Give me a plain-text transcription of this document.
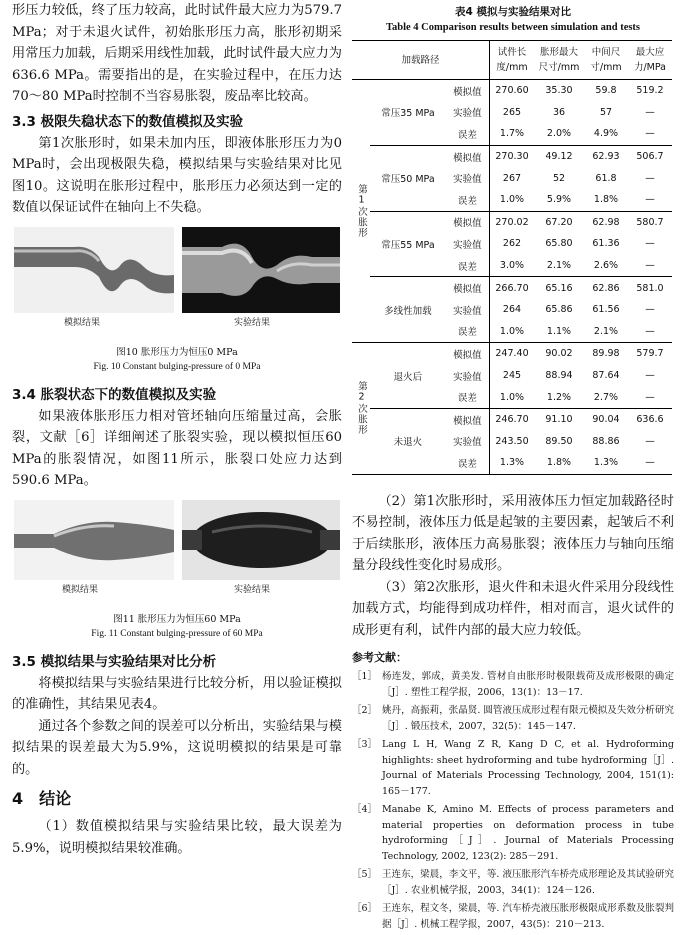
形压力较低，终了压力较高，此时试件最大应力为579.7 MPa；对于未退火试件，初始胀形压力高，胀形初期采用常压力加载，后期采用线性加载，此时试件最大应力为636.6 MPa。需要指出的是，在实验过程中，在压力达70～80 MPa时控制不当容易胀裂，废品率比较高。

3.3 极限失稳状态下的数值模拟及实验

第1次胀形时，如果未加内压，即液体胀形压力为0 MPa时，会出现极限失稳，模拟结果与实验结果对比见图10。这说明在胀形过程中，胀形压力必须达到一定的数值以保证试件在轴向上不失稳。

模拟结果	实验结果

图10 胀形压力为恒压0 MPa

Fig. 10 Constant bulging-pressure of 0 MPa

3.4 胀裂状态下的数值模拟及实验

如果液体胀形压力相对管坯轴向压缩量过高，会胀裂，文献［6］详细阐述了胀裂实验，现以模拟恒压60 MPa的胀裂情况，如图11所示，胀裂口处应力达到590.6 MPa。

模拟结果	实验结果

图11 胀形压力为恒压60 MPa

Fig. 11 Constant bulging-pressure of 60 MPa

3.5 模拟结果与实验结果对比分析

将模拟结果与实验结果进行比较分析，用以验证模拟的准确性，其结果见表4。

通过各个参数之间的误差可以分析出，实验结果与模拟结果的误差最大为5.9%，这说明模拟的结果是可靠的。

4 结论

（1）数值模拟结果与实验结果比较，最大误差为5.9%，说明模拟结果较准确。

表4 模拟与实验结果对比

Table 4 Comparison results between simulation and tests

加载路径			试件长度/mm	胀形最大尺寸/mm	中间尺寸/mm	最大应力/MPa
第1次胀形	常压35 MPa	模拟值	270.60	35.30	59.8	519.2
		实验值	265	36	57	—
		误差	1.7%	2.0%	4.9%	—
	常压50 MPa	模拟值	270.30	49.12	62.93	506.7
		实验值	267	52	61.8	—
		误差	1.0%	5.9%	1.8%	—
	常压55 MPa	模拟值	270.02	67.20	62.98	580.7
		实验值	262	65.80	61.36	—
		误差	3.0%	2.1%	2.6%	—
	多线性加载	模拟值	266.70	65.16	62.86	581.0
		实验值	264	65.86	61.56	—
		误差	1.0%	1.1%	2.1%	—
第2次胀形	退火后	模拟值	247.40	90.02	89.98	579.7
		实验值	245	88.94	87.64	—
		误差	1.0%	1.2%	2.7%	—
	未退火	模拟值	246.70	91.10	90.04	636.6
		实验值	243.50	89.50	88.86	—
		误差	1.3%	1.8%	1.3%	—

（2）第1次胀形时，采用液体压力恒定加载路径时不易控制，液体压力低是起皱的主要因素，起皱后不利于后续胀形，液体压力高易胀裂；液体压力与轴向压缩量分段线性变化时易成形。

（3）第2次胀形，退火件和未退火件采用分段线性加载方式，均能得到成功样件，相对而言，退火试件的成形更有利，试件内部的最大应力较低。

参考文献：
［1］ 杨连发，郭成，黄美发. 管材自由胀形时极限载荷及成形极限的确定［J］. 塑性工程学报，2006，13(1)：13－17.
［2］ 姚丹，高振莉，张晶贤. 圆管液压成形过程有限元模拟及失效分析研究［J］. 锻压技术，2007，32(5)：145－147.
［3］ Lang L H, Wang Z R, Kang D C, et al. Hydroforming highlights: sheet hydroforming and tube hydroforming［J］. Journal of Materials Processing Technology, 2004, 151(1): 165－177.
［4］ Manabe K, Amino M. Effects of process parameters and material properties on deformation process in tube hydroforming［J］. Journal of Materials Processing Technology, 2002, 123(2): 285－291.
［5］ 王连东，梁晨，李文平，等. 液压胀形汽车桥壳成形理论及其试验研究［J］. 农业机械学报，2003，34(1)：124－126.
［6］ 王连东，程文冬，梁晨，等. 汽车桥壳液压胀形极限成形系数及胀裂判据［J］. 机械工程学报，2007，43(5)：210－213.
